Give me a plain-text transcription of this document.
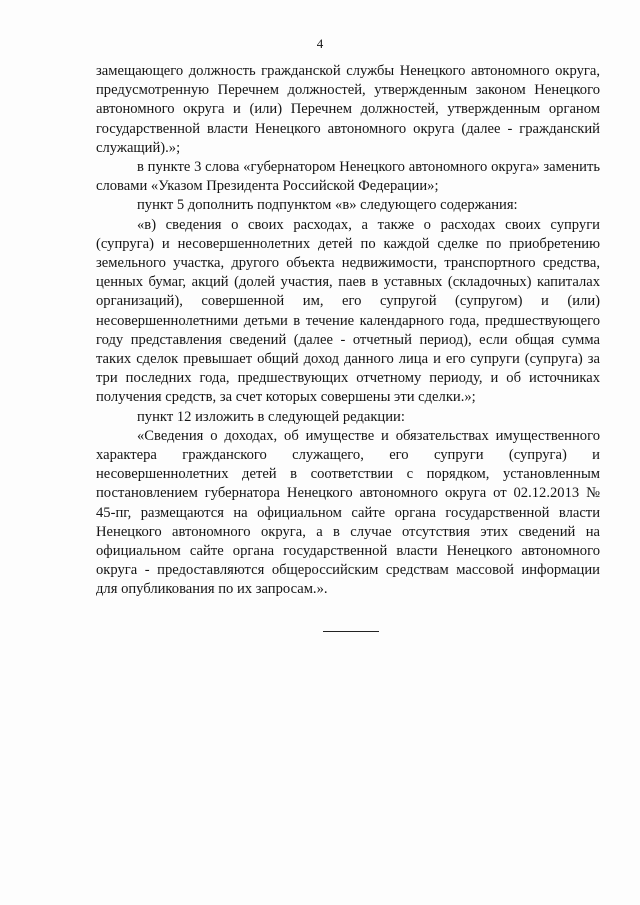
4

замещающего должность гражданской службы Ненецкого автономного округа, предусмотренную Перечнем должностей, утвержденным законом Ненецкого автономного округа и (или) Перечнем должностей, утвержденным органом государственной власти Ненецкого автономного округа (далее - гражданский служащий).»;

в пункте 3 слова «губернатором Ненецкого автономного округа» заменить словами «Указом Президента Российской Федерации»;

пункт 5 дополнить подпунктом «в» следующего содержания:

«в) сведения о своих расходах, а также о расходах своих супруги (супруга) и несовершеннолетних детей по каждой сделке по приобретению земельного участка, другого объекта недвижимости, транспортного средства, ценных бумаг, акций (долей участия, паев в уставных (складочных) капиталах организаций), совершенной им, его супругой (супругом) и (или) несовершеннолетними детьми в течение календарного года, предшествующего году представления сведений (далее - отчетный период), если общая сумма таких сделок превышает общий доход данного лица и его супруги (супруга) за три последних года, предшествующих отчетному периоду, и об источниках получения средств, за счет которых совершены эти сделки.»;

пункт 12 изложить в следующей редакции:

«Сведения о доходах, об имуществе и обязательствах имущественного характера гражданского служащего, его супруги (супруга) и несовершеннолетних детей в соответствии с порядком, установленным постановлением губернатора Ненецкого автономного округа от 02.12.2013 № 45-пг, размещаются на официальном сайте органа государственной власти Ненецкого автономного округа, а в случае отсутствия этих сведений на официальном сайте органа государственной власти Ненецкого автономного округа - предоставляются общероссийским средствам массовой информации для опубликования по их запросам.».
